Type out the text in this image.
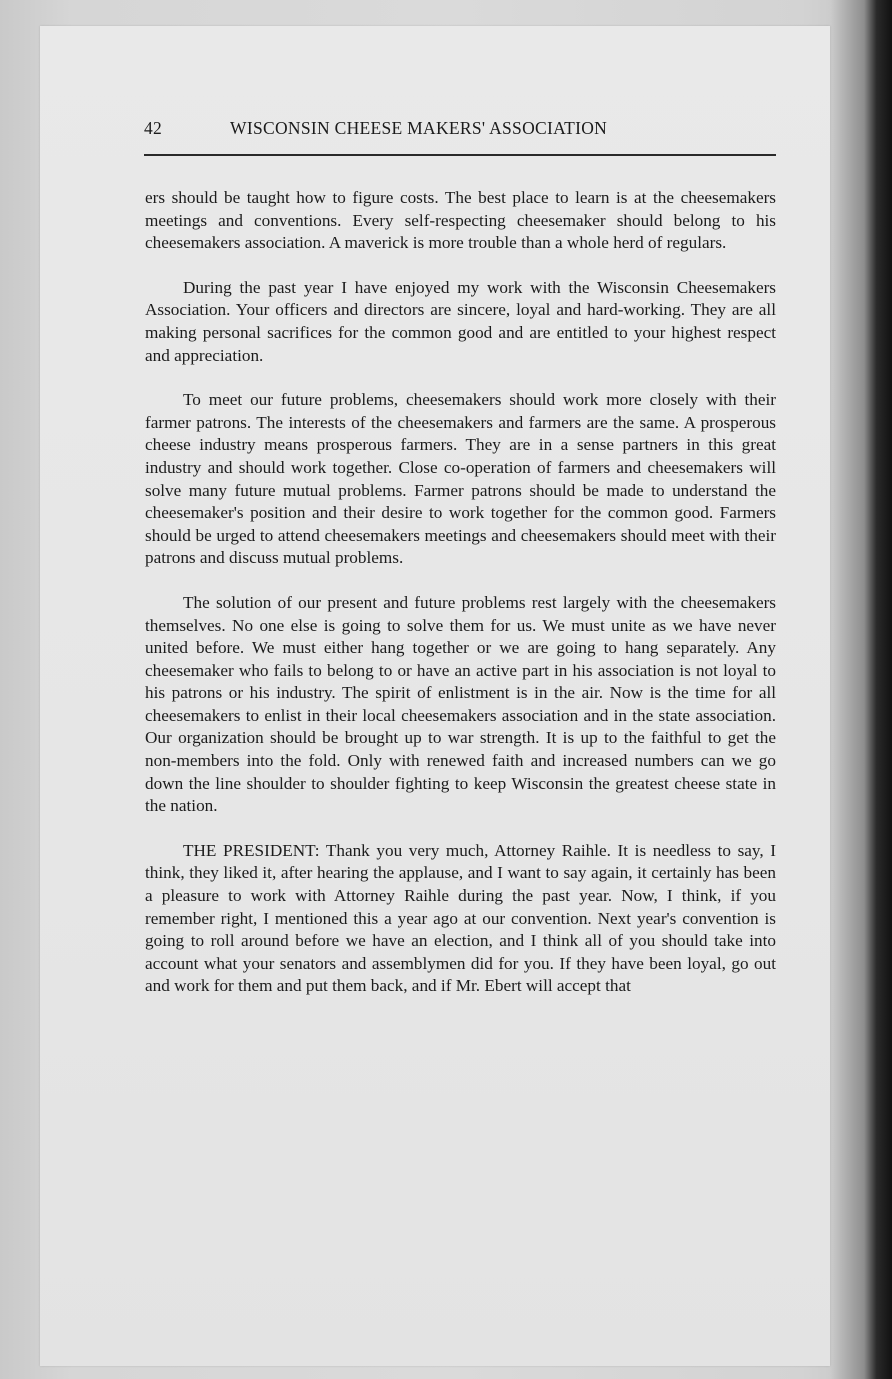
42	WISCONSIN CHEESE MAKERS' ASSOCIATION

ers should be taught how to figure costs. The best place to learn is at the cheesemakers meetings and conventions. Every self-respecting cheesemaker should belong to his cheesemakers association. A maverick is more trouble than a whole herd of regulars.

During the past year I have enjoyed my work with the Wisconsin Cheesemakers Association. Your officers and directors are sincere, loyal and hard-working. They are all making personal sacrifices for the common good and are entitled to your highest respect and appreciation.

To meet our future problems, cheesemakers should work more closely with their farmer patrons. The interests of the cheesemakers and farmers are the same. A prosperous cheese industry means prosperous farmers. They are in a sense partners in this great industry and should work together. Close co-operation of farmers and cheesemakers will solve many future mutual problems. Farmer patrons should be made to understand the cheesemaker's position and their desire to work together for the common good. Farmers should be urged to attend cheesemakers meetings and cheesemakers should meet with their patrons and discuss mutual problems.

The solution of our present and future problems rest largely with the cheesemakers themselves. No one else is going to solve them for us. We must unite as we have never united before. We must either hang together or we are going to hang separately. Any cheesemaker who fails to belong to or have an active part in his association is not loyal to his patrons or his industry. The spirit of enlistment is in the air. Now is the time for all cheesemakers to enlist in their local cheesemakers association and in the state association. Our organization should be brought up to war strength. It is up to the faithful to get the non-members into the fold. Only with renewed faith and increased numbers can we go down the line shoulder to shoulder fighting to keep Wisconsin the greatest cheese state in the nation.

THE PRESIDENT: Thank you very much, Attorney Raihle. It is needless to say, I think, they liked it, after hearing the applause, and I want to say again, it certainly has been a pleasure to work with Attorney Raihle during the past year. Now, I think, if you remember right, I mentioned this a year ago at our convention. Next year's convention is going to roll around before we have an election, and I think all of you should take into account what your senators and assemblymen did for you. If they have been loyal, go out and work for them and put them back, and if Mr. Ebert will accept that
